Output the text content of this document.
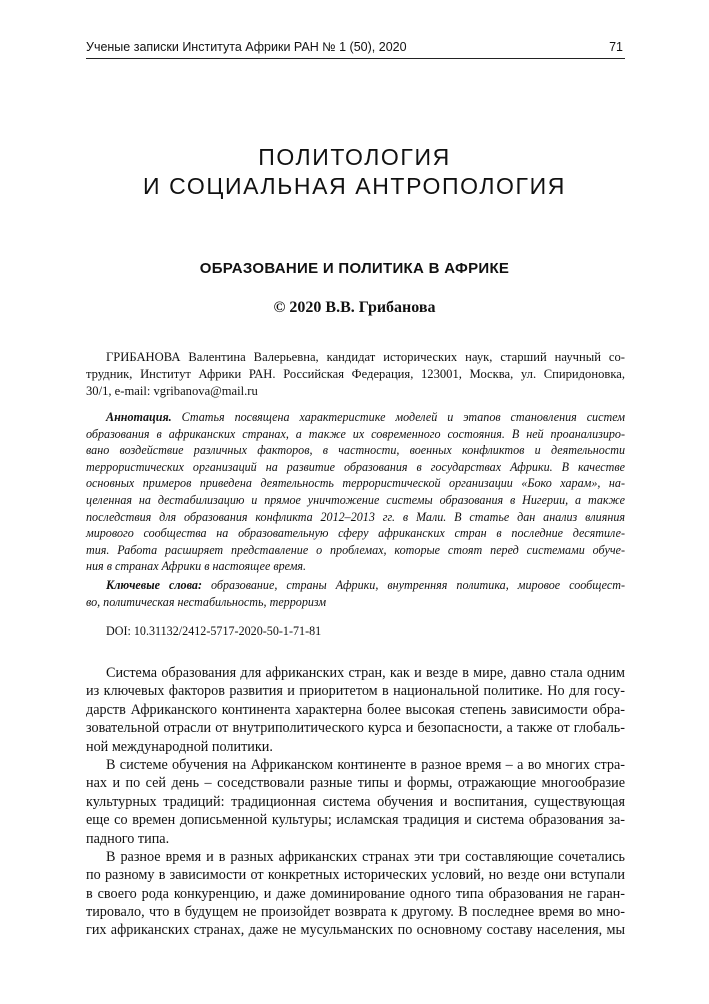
Ученые записки Института Африки РАН № 1 (50), 2020	71
ПОЛИТОЛОГИЯ
И СОЦИАЛЬНАЯ АНТРОПОЛОГИЯ
ОБРАЗОВАНИЕ И ПОЛИТИКА В АФРИКЕ
© 2020 В.В. Грибанова
ГРИБАНОВА Валентина Валерьевна, кандидат исторических наук, старший научный со-
трудник, Институт Африки РАН. Российская Федерация, 123001, Москва, ул. Спиридоновка,
30/1, e-mail: vgribanova@mail.ru
Аннотация. Статья посвящена характеристике моделей и этапов становления систем
образования в африканских странах, а также их современного состояния. В ней проанализиро-
вано воздействие различных факторов, в частности, военных конфликтов и деятельности
террористических организаций на развитие образования в государствах Африки. В качестве
основных примеров приведена деятельность террористической организации «Боко харам», на-
целенная на дестабилизацию и прямое уничтожение системы образования в Нигерии, а также
последствия для образования конфликта 2012–2013 гг. в Мали. В статье дан анализ влияния
мирового сообщества на образовательную сферу африканских стран в последние десятиле-
тия. Работа расширяет представление о проблемах, которые стоят перед системами обуче-
ния в странах Африки в настоящее время.
Ключевые слова: образование, страны Африки, внутренняя политика, мировое сообщест-
во, политическая нестабильность, терроризм
DOI: 10.31132/2412-5717-2020-50-1-71-81
Система образования для африканских стран, как и везде в мире, давно стала одним
из ключевых факторов развития и приоритетом в национальной политике. Но для госу-
дарств Африканского континента характерна более высокая степень зависимости обра-
зовательной отрасли от внутриполитического курса и безопасности, а также от глобаль-
ной международной политики.
В системе обучения на Африканском континенте в разное время – а во многих стра-
нах и по сей день – соседствовали разные типы и формы, отражающие многообразие
культурных традиций: традиционная система обучения и воспитания, существующая
еще со времен дописьменной культуры; исламская традиция и система образования за-
падного типа.
В разное время и в разных африканских странах эти три составляющие сочетались
по разному в зависимости от конкретных исторических условий, но везде они вступали
в своего рода конкуренцию, и даже доминирование одного типа образования не гаран-
тировало, что в будущем не произойдет возврата к другому. В последнее время во мно-
гих африканских странах, даже не мусульманских по основному составу населения, мы
